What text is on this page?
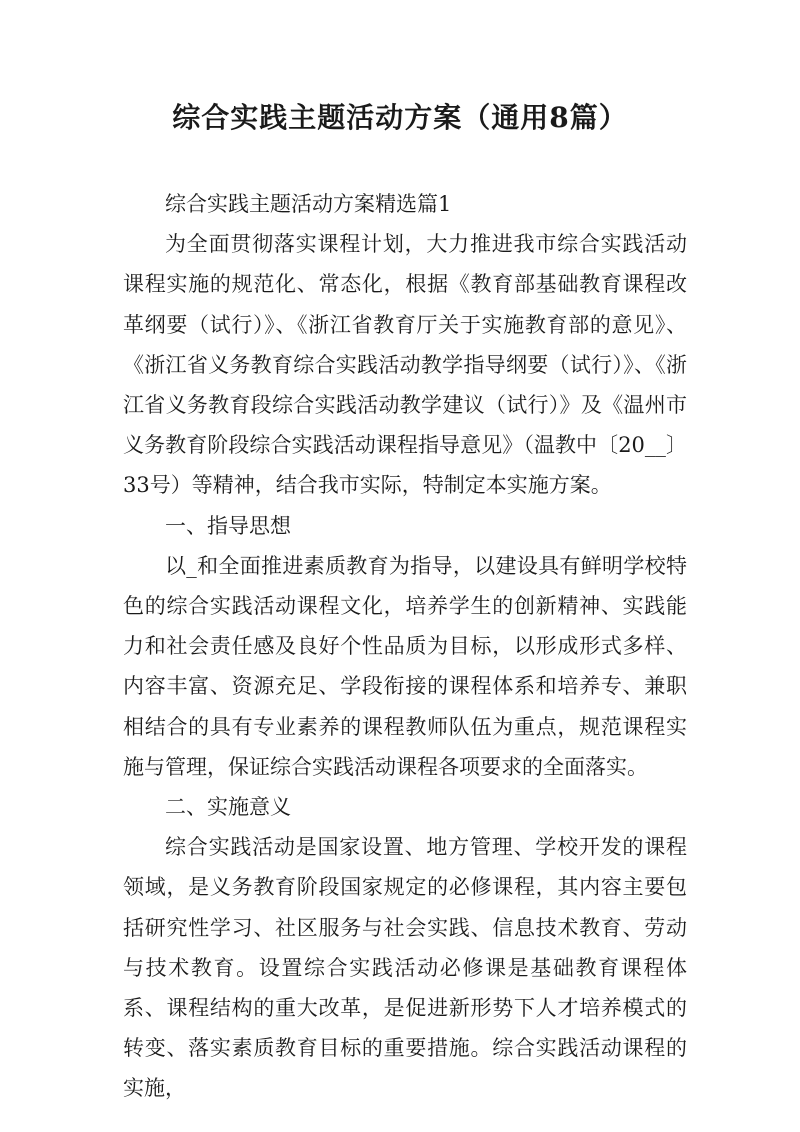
综合实践主题活动方案（通用8篇）

综合实践主题活动方案精选篇1

为全面贯彻落实课程计划，大力推进我市综合实践活动课程实施的规范化、常态化，根据《教育部基础教育课程改革纲要（试行）》、《浙江省教育厅关于实施教育部的意见》、《浙江省义务教育综合实践活动教学指导纲要（试行）》、《浙江省义务教育段综合实践活动教学建议（试行）》及《温州市义务教育阶段综合实践活动课程指导意见》（温教中〔20__〕33号）等精神，结合我市实际，特制定本实施方案。

一、指导思想

以_和全面推进素质教育为指导，以建设具有鲜明学校特色的综合实践活动课程文化，培养学生的创新精神、实践能力和社会责任感及良好个性品质为目标，以形成形式多样、内容丰富、资源充足、学段衔接的课程体系和培养专、兼职相结合的具有专业素养的课程教师队伍为重点，规范课程实施与管理，保证综合实践活动课程各项要求的全面落实。

二、实施意义

综合实践活动是国家设置、地方管理、学校开发的课程领域，是义务教育阶段国家规定的必修课程，其内容主要包括研究性学习、社区服务与社会实践、信息技术教育、劳动与技术教育。设置综合实践活动必修课是基础教育课程体系、课程结构的重大改革，是促进新形势下人才培养模式的转变、落实素质教育目标的重要措施。综合实践活动课程的实施，
